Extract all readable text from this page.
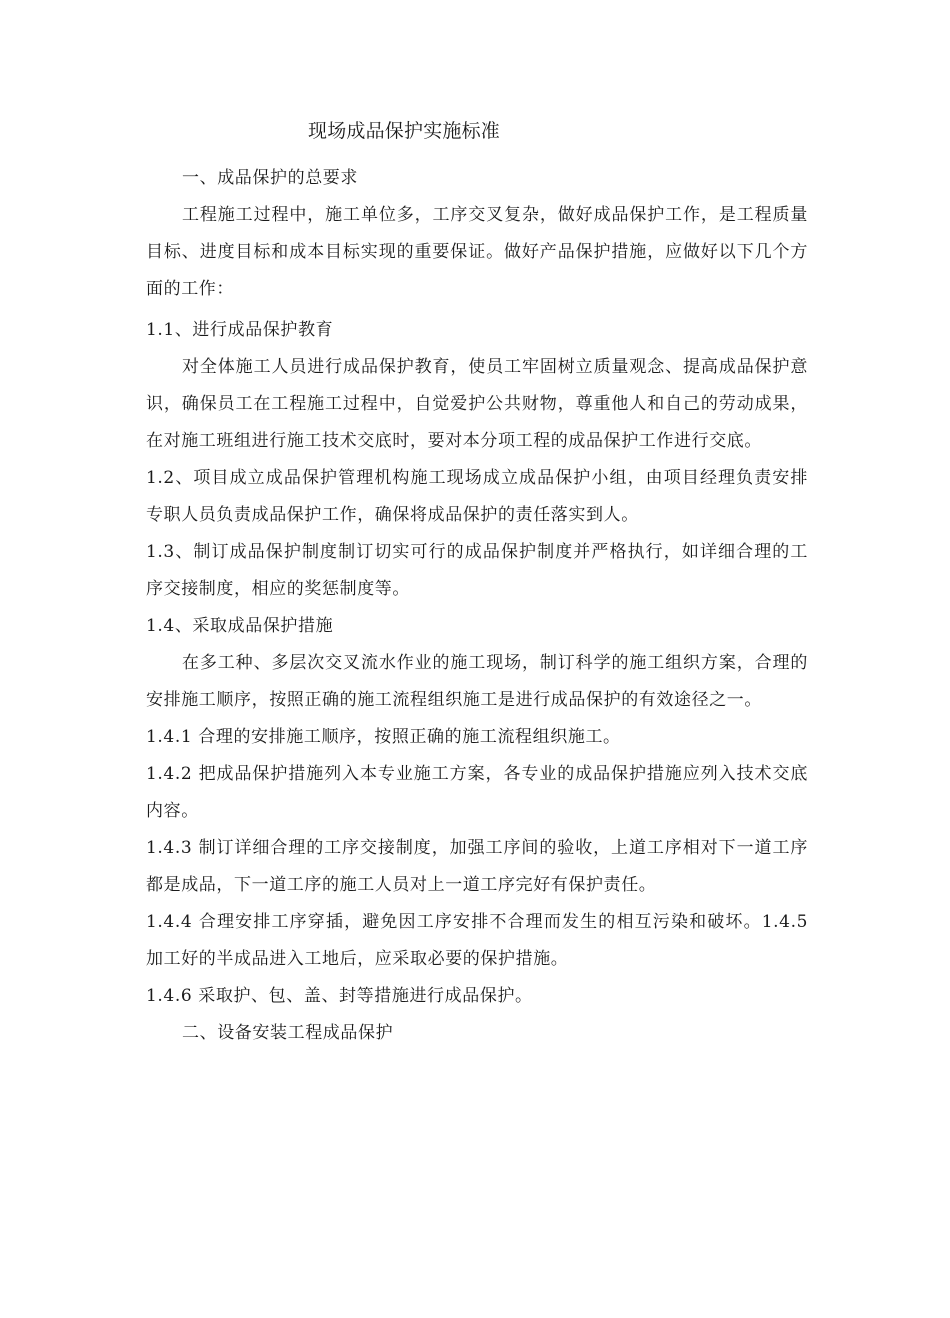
现场成品保护实施标准

一、成品保护的总要求

工程施工过程中，施工单位多，工序交叉复杂，做好成品保护工作，是工程质量目标、进度目标和成本目标实现的重要保证。做好产品保护措施，应做好以下几个方面的工作：

1.1、进行成品保护教育

对全体施工人员进行成品保护教育，使员工牢固树立质量观念、提高成品保护意识，确保员工在工程施工过程中，自觉爱护公共财物，尊重他人和自己的劳动成果，在对施工班组进行施工技术交底时，要对本分项工程的成品保护工作进行交底。

1.2、项目成立成品保护管理机构施工现场成立成品保护小组，由项目经理负责安排专职人员负责成品保护工作，确保将成品保护的责任落实到人。

1.3、制订成品保护制度制订切实可行的成品保护制度并严格执行，如详细合理的工序交接制度，相应的奖惩制度等。

1.4、采取成品保护措施

在多工种、多层次交叉流水作业的施工现场，制订科学的施工组织方案，合理的安排施工顺序，按照正确的施工流程组织施工是进行成品保护的有效途径之一。

1.4.1 合理的安排施工顺序，按照正确的施工流程组织施工。

1.4.2 把成品保护措施列入本专业施工方案，各专业的成品保护措施应列入技术交底内容。

1.4.3 制订详细合理的工序交接制度，加强工序间的验收，上道工序相对下一道工序都是成品，下一道工序的施工人员对上一道工序完好有保护责任。

1.4.4 合理安排工序穿插，避免因工序安排不合理而发生的相互污染和破坏。1.4.5 加工好的半成品进入工地后，应采取必要的保护措施。

1.4.6 采取护、包、盖、封等措施进行成品保护。

二、设备安装工程成品保护
